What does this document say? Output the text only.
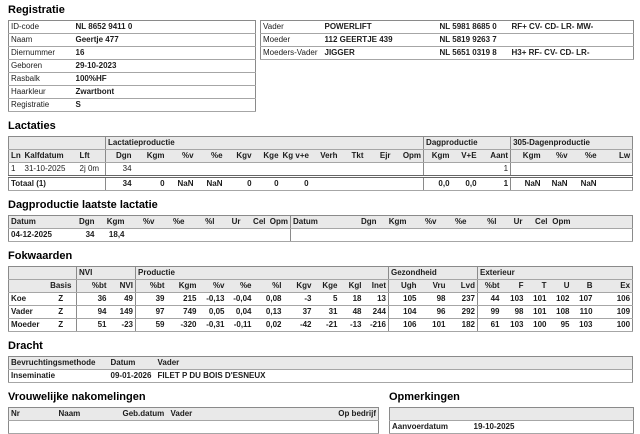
Registratie
ID-code	NL 8652 9411 0
Naam	Geertje 477
Diernummer	16
Geboren	29-10-2023
Rasbalk	100%HF
Haarkleur	Zwartbont
Registratie	S
Vader	POWERLIFT	NL 5981 8685 0	RF+ CV- CD- LR- MW-
Moeder	112 GEERTJE 439	NL 5819 9263 7	
Moeders-Vader	JIGGER	NL 5651 0319 8	H3+ RF- CV- CD- LR-
Lactaties
			Lactatieproductie											Dagproductie			305-Dagenproductie			
Ln	Kalfdatum	Lft	Dgn	Kgm	%v	%e	Kgv	Kge	Kg v+e	Verh	Tkt	Ejr	Opm	Kgm	V+E	Aant	Kgm	%v	%e	Lw
1	31-10-2025	2j 0m	34													1				
Totaal (1)			34	0	NaN	NaN	0	0	0					0,0	0,0	1	NaN	NaN	NaN	
Dagproductie laatste lactatie
Datum	Dgn	Kgm	%v	%e	%l	Ur	Cel	Opm	Datum	Dgn	Kgm	%v	%e	%l	Ur	Cel	Opm	
04-12-2025	34	18,4																
Fokwaarden
		NVI		Productie									Gezondheid			Exterieur					
	Basis	%bt	NVI	%bt	Kgm	%v	%e	%l	Kgv	Kge	Kgl	Inet	Ugh	Vru	Lvd	%bt	F	T	U	B	Ex
Koe	Z	36	49	39	215	-0,13	-0,04	0,08	-3	5	18	13	105	98	237	44	103	101	102	107	106
Vader	Z	94	149	97	749	0,05	0,04	0,13	37	31	48	244	104	96	292	99	98	101	108	110	109
Moeder	Z	51	-23	59	-320	-0,31	-0,11	0,02	-42	-21	-13	-216	106	101	182	61	103	100	95	103	100
Dracht
Bevruchtingsmethode	Datum	Vader
Inseminatie	09-01-2026	FILET P DU BOIS D'ESNEUX
Vrouwelijke nakomelingen
Nr	Naam	Geb.datum	Vader	Op bedrijf

Opmerkingen

Aanvoerdatum	19-10-2025
